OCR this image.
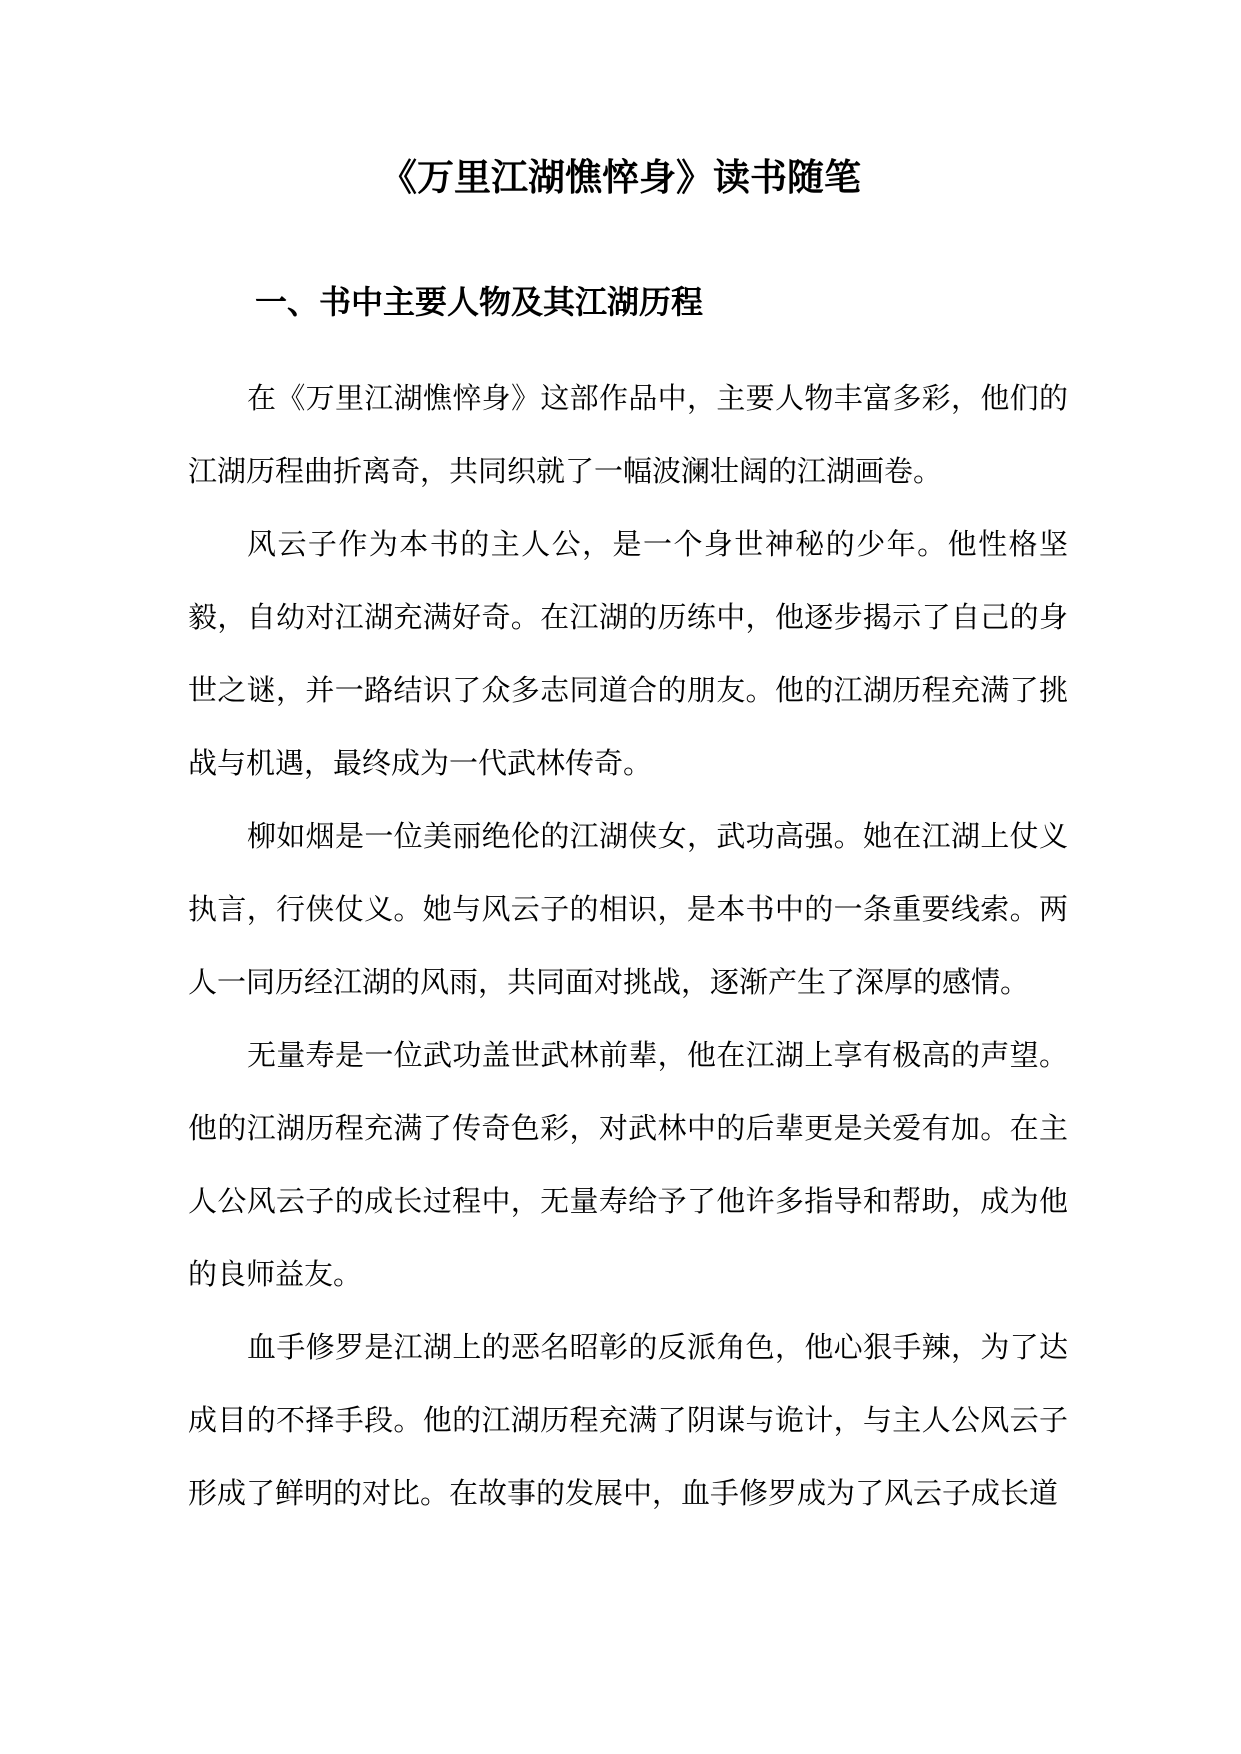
《万里江湖憔悴身》读书随笔
一、书中主要人物及其江湖历程

在《万里江湖憔悴身》这部作品中，主要人物丰富多彩，他们的江湖历程曲折离奇，共同织就了一幅波澜壮阔的江湖画卷。

风云子作为本书的主人公，是一个身世神秘的少年。他性格坚毅，自幼对江湖充满好奇。在江湖的历练中，他逐步揭示了自己的身世之谜，并一路结识了众多志同道合的朋友。他的江湖历程充满了挑战与机遇，最终成为一代武林传奇。

柳如烟是一位美丽绝伦的江湖侠女，武功高强。她在江湖上仗义执言，行侠仗义。她与风云子的相识，是本书中的一条重要线索。两人一同历经江湖的风雨，共同面对挑战，逐渐产生了深厚的感情。

无量寿是一位武功盖世武林前辈，他在江湖上享有极高的声望。他的江湖历程充满了传奇色彩，对武林中的后辈更是关爱有加。在主人公风云子的成长过程中，无量寿给予了他许多指导和帮助，成为他的良师益友。

血手修罗是江湖上的恶名昭彰的反派角色，他心狠手辣，为了达成目的不择手段。他的江湖历程充满了阴谋与诡计，与主人公风云子形成了鲜明的对比。在故事的发展中，血手修罗成为了风云子成长道
